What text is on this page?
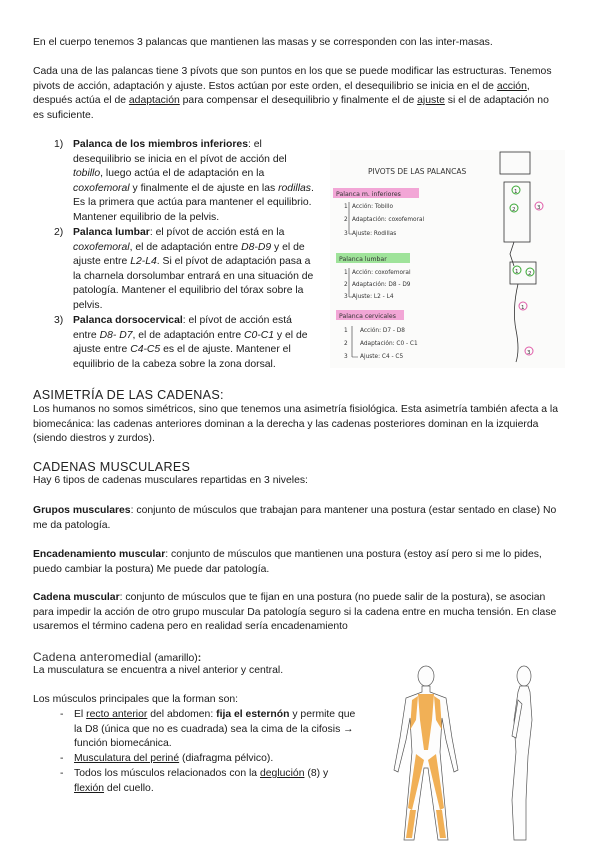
En el cuerpo tenemos 3 palancas que mantienen las masas y se corresponden con las inter-masas.

Cada una de las palancas tiene 3 pívots que son puntos en los que se puede modificar las estructuras. Tenemos pivots de acción, adaptación y ajuste. Estos actúan por este orden, el desequilibrio se inicia en el de acción, después actúa el de adaptación para compensar el desequilibrio y finalmente el de ajuste si el de adaptación no es suficiente.

1) Palanca de los miembros inferiores: el desequilibrio se inicia en el pívot de acción del tobillo, luego actúa el de adaptación en la coxofemoral y finalmente el de ajuste en las rodillas. Es la primera que actúa para mantener el equilibrio. Mantener equilibrio de la pelvis.
2) Palanca lumbar: el pívot de acción está en la coxofemoral, el de adaptación entre D8-D9 y el de ajuste entre L2-L4. Si el pívot de adaptación pasa a la charnela dorsolumbar entrará en una situación de patología. Mantener el equilibrio del tórax sobre la pelvis.
3) Palanca dorsocervical: el pívot de acción está entre D8- D7, el de adaptación entre C0-C1 y el de ajuste entre C4-C5 es el de ajuste. Mantener el equilibrio de la cabeza sobre la zona dorsal.
PIVOTS DE LAS PALANCAS
Palanca m. inferiores
1 Acción: Tobillo
2 Adaptación: coxofemoral
3 Ajuste: Rodillas
Palanca lumbar
1 Acción: coxofemoral
2 Adaptación: D8 - D9
3 Ajuste: L2 - L4
Palanca cervicales
1 Acción: D7 - D8
2 Adaptación: C0 - C1
3 Ajuste: C4 - C5
1
2	3
1 2
1
3

ASIMETRÍA DE LAS CADENAS:

Los humanos no somos simétricos, sino que tenemos una asimetría fisiológica. Esta asimetría también afecta a la biomecánica: las cadenas anteriores dominan a la derecha y las cadenas posteriores dominan en la izquierda (siendo diestros y zurdos).

CADENAS MUSCULARES

Hay 6 tipos de cadenas musculares repartidas en 3 niveles:

Grupos musculares: conjunto de músculos que trabajan para mantener una postura (estar sentado en clase) No me da patología.

Encadenamiento muscular: conjunto de músculos que mantienen una postura (estoy así pero si me lo pides, puedo cambiar la postura) Me puede dar patología.

Cadena muscular: conjunto de músculos que te fijan en una postura (no puede salir de la postura), se asocian para impedir la acción de otro grupo muscular Da patología seguro si la cadena entre en mucha tensión. En clase usaremos el término cadena pero en realidad sería encadenamiento

Cadena anteromedial (amarillo):

La musculatura se encuentra a nivel anterior y central.

Los músculos principales que la forman son:

- El recto anterior del abdomen: fija el esternón y permite que la D8 (única que no es cuadrada) sea la cima de la cifosis → función biomecánica.
- Musculatura del periné (diafragma pélvico).
- Todos los músculos relacionados con la deglución (8) y flexión del cuello.
